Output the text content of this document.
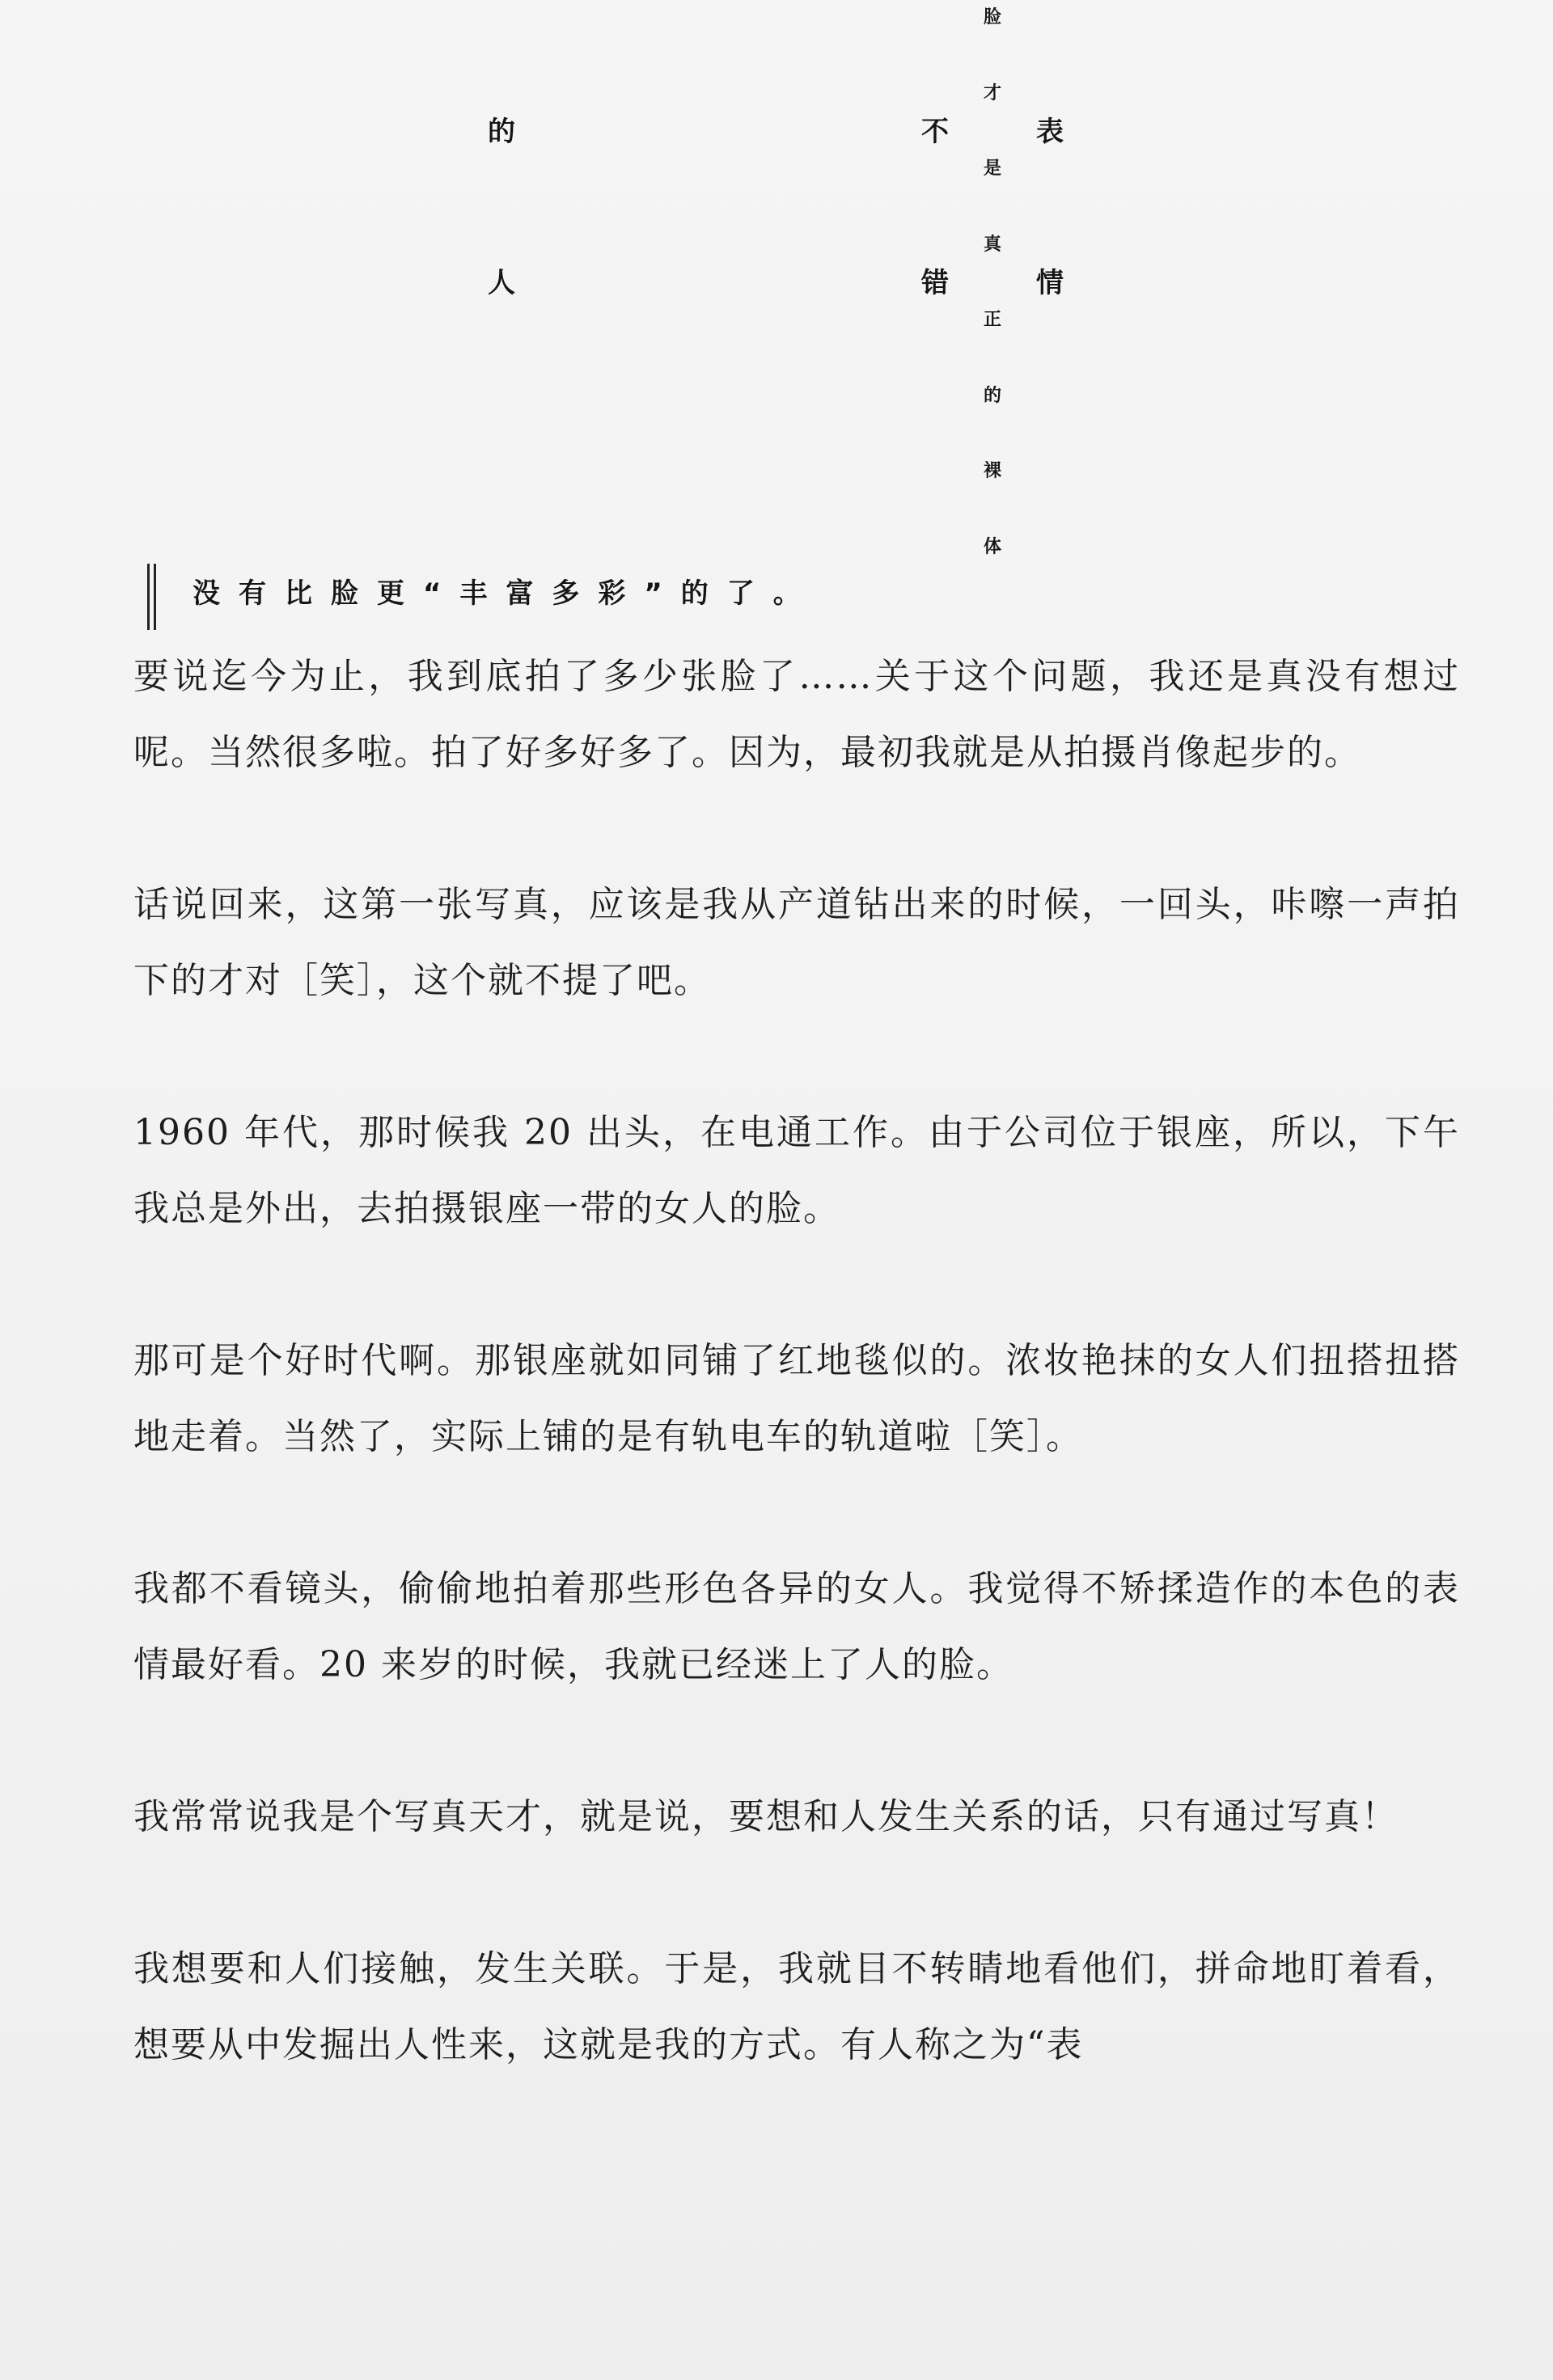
的
人
不
错
脸
才
是
真
正
的
裸
体
表
情
没有比脸更“丰富多彩”的了。

要说迄今为止，我到底拍了多少张脸了……关于这个问题，我还是真没有想过呢。当然很多啦。拍了好多好多了。因为，最初我就是从拍摄肖像起步的。

话说回来，这第一张写真，应该是我从产道钻出来的时候，一回头，咔嚓一声拍下的才对［笑］，这个就不提了吧。

1960 年代，那时候我 20 出头，在电通工作。由于公司位于银座，所以，下午我总是外出，去拍摄银座一带的女人的脸。

那可是个好时代啊。那银座就如同铺了红地毯似的。浓妆艳抹的女人们扭搭扭搭地走着。当然了，实际上铺的是有轨电车的轨道啦［笑］。

我都不看镜头，偷偷地拍着那些形色各异的女人。我觉得不矫揉造作的本色的表情最好看。20 来岁的时候，我就已经迷上了人的脸。

我常常说我是个写真天才，就是说，要想和人发生关系的话，只有通过写真！

我想要和人们接触，发生关联。于是，我就目不转睛地看他们，拼命地盯着看，想要从中发掘出人性来，这就是我的方式。有人称之为“表
